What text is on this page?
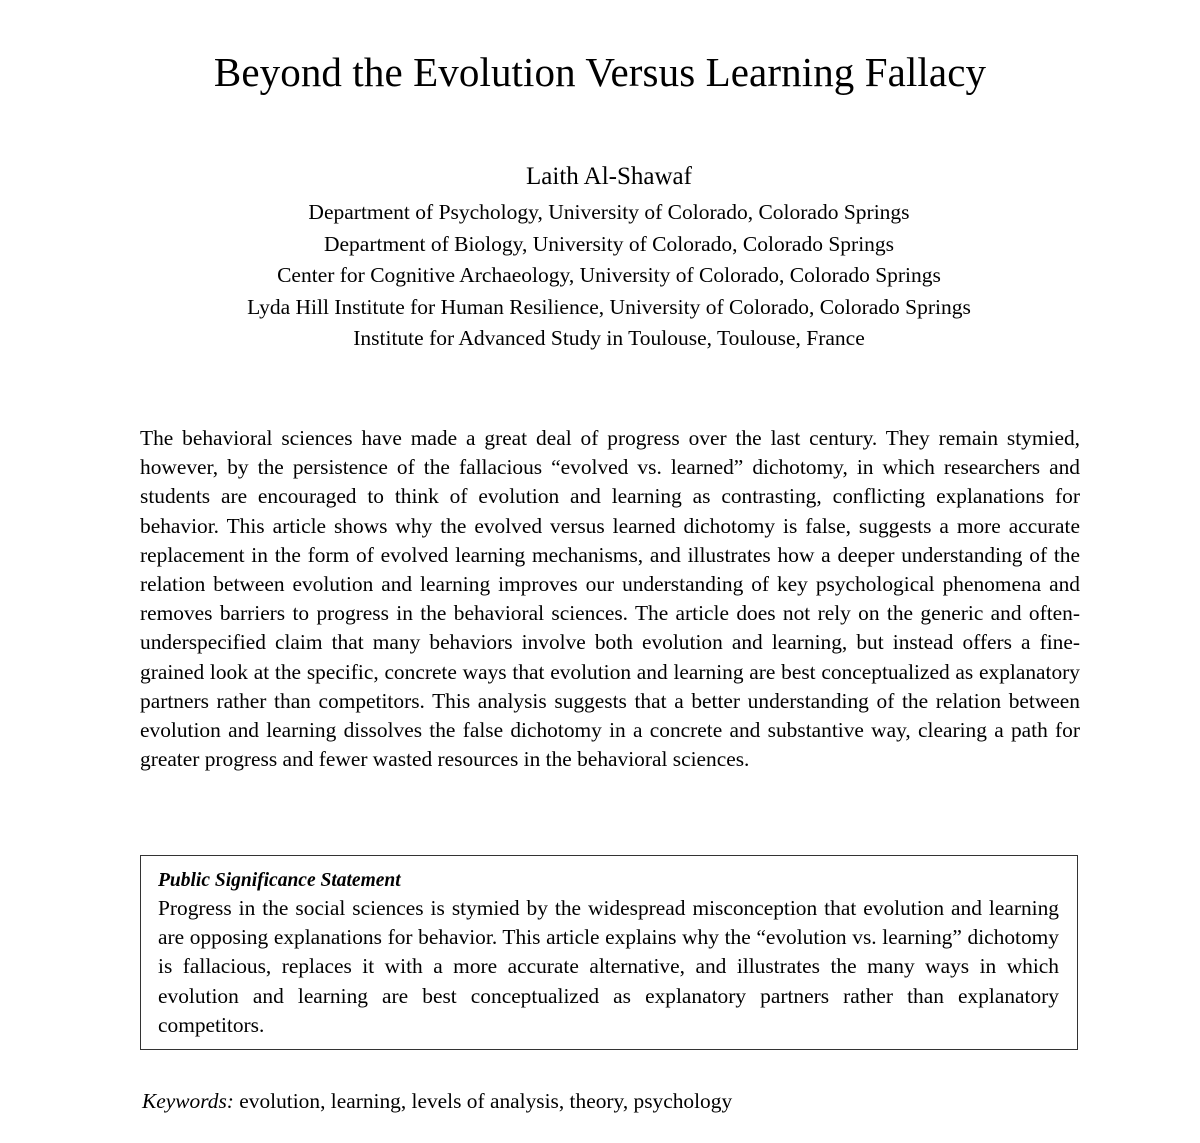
Beyond the Evolution Versus Learning Fallacy

Laith Al-Shawaf

Department of Psychology, University of Colorado, Colorado Springs
Department of Biology, University of Colorado, Colorado Springs
Center for Cognitive Archaeology, University of Colorado, Colorado Springs
Lyda Hill Institute for Human Resilience, University of Colorado, Colorado Springs
Institute for Advanced Study in Toulouse, Toulouse, France

The behavioral sciences have made a great deal of progress over the last century. They remain stymied, however, by the persistence of the fallacious “evolved vs. learned” dichotomy, in which researchers and students are encouraged to think of evolution and learning as contrasting, conflicting explanations for behavior. This article shows why the evolved versus learned dichotomy is false, suggests a more accurate replacement in the form of evolved learning mechanisms, and illustrates how a deeper understanding of the relation between evolution and learning improves our understanding of key psychological phenomena and removes barriers to progress in the behavioral sciences. The article does not rely on the generic and often-underspecified claim that many behaviors involve both evolution and learning, but instead offers a fine-grained look at the specific, concrete ways that evolution and learning are best conceptualized as explanatory partners rather than competitors. This analysis suggests that a better understanding of the relation between evolution and learning dissolves the false dichotomy in a concrete and substantive way, clearing a path for greater progress and fewer wasted resources in the behavioral sciences.

Public Significance Statement

Progress in the social sciences is stymied by the widespread misconception that evolution and learning are opposing explanations for behavior. This article explains why the “evolution vs. learning” dichotomy is fallacious, replaces it with a more accurate alternative, and illustrates the many ways in which evolution and learning are best conceptualized as explanatory partners rather than explanatory competitors.

Keywords: evolution, learning, levels of analysis, theory, psychology
